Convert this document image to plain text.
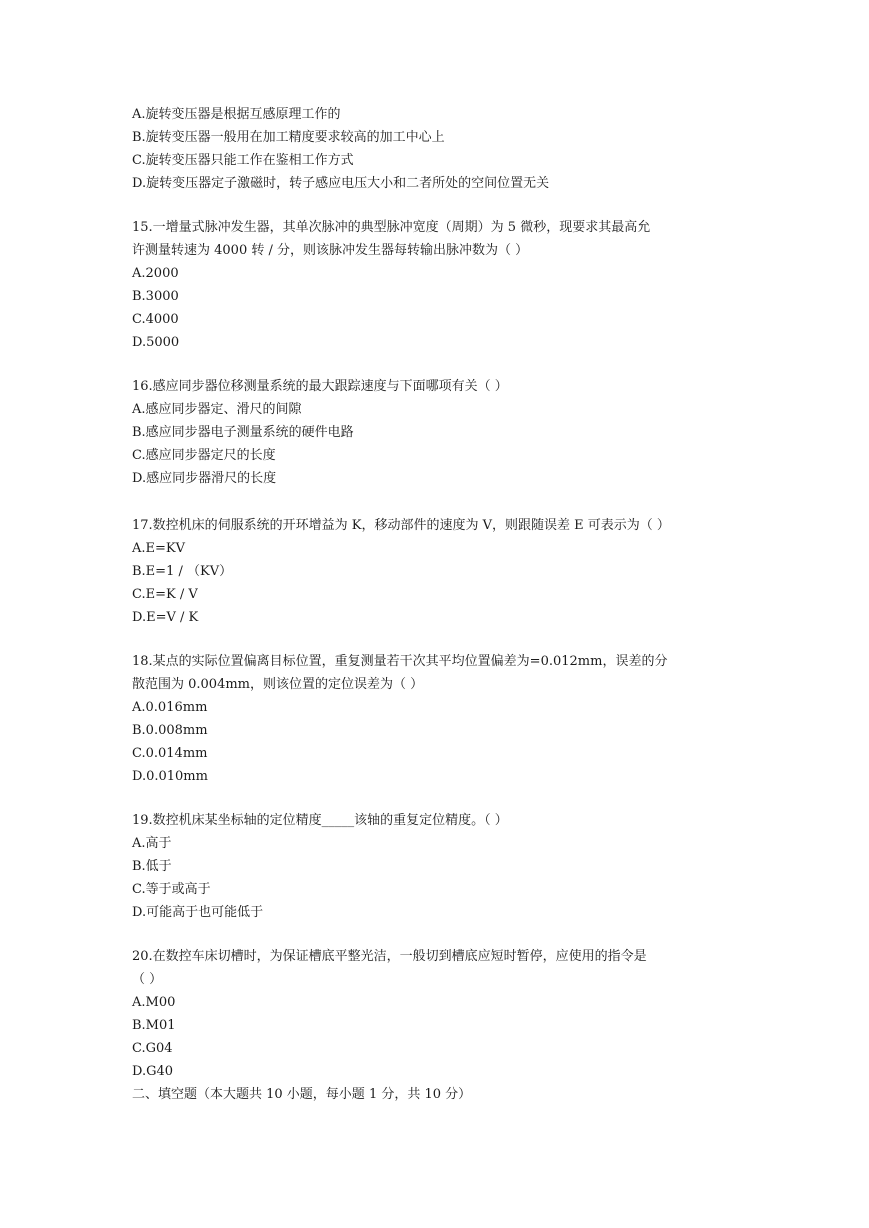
A.旋转变压器是根据互感原理工作的
B.旋转变压器一般用在加工精度要求较高的加工中心上
C.旋转变压器只能工作在鉴相工作方式
D.旋转变压器定子激磁时，转子感应电压大小和二者所处的空间位置无关
15.一增量式脉冲发生器，其单次脉冲的典型脉冲宽度（周期）为 5 微秒，现要求其最高允
许测量转速为 4000 转 / 分，则该脉冲发生器每转输出脉冲数为（ ）
A.2000
B.3000
C.4000
D.5000
16.感应同步器位移测量系统的最大跟踪速度与下面哪项有关（ ）
A.感应同步器定、滑尺的间隙
B.感应同步器电子测量系统的硬件电路
C.感应同步器定尺的长度
D.感应同步器滑尺的长度
17.数控机床的伺服系统的开环增益为 K，移动部件的速度为 V，则跟随误差 E 可表示为（ ）
A.E=KV
B.E=1 / （KV）
C.E=K / V
D.E=V / K
18.某点的实际位置偏离目标位置，重复测量若干次其平均位置偏差为=0.012mm，误差的分
散范围为 0.004mm，则该位置的定位误差为（ ）
A.0.016mm
B.0.008mm
C.0.014mm
D.0.010mm
19.数控机床某坐标轴的定位精度_____该轴的重复定位精度。（ ）
A.高于
B.低于
C.等于或高于
D.可能高于也可能低于
20.在数控车床切槽时，为保证槽底平整光洁，一般切到槽底应短时暂停，应使用的指令是
（ ）
A.M00
B.M01
C.G04
D.G40
二、填空题（本大题共 10 小题，每小题 1 分，共 10 分）
